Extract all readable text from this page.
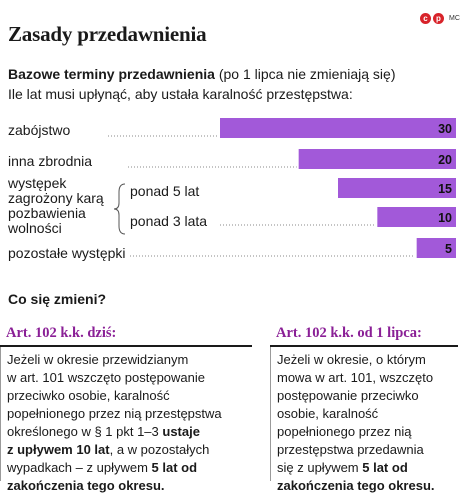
Zasady przedawnienia
c	p	MC
Bazowe terminy przedawnienia (po 1 lipca nie zmieniają się)
Ile lat musi upłynąć, aby ustała karalność przestępstwa:
zabójstwo
inna zbrodnia
występek
zagrożony karą
pozbawienia
wolności
ponad 5 lat
ponad 3 lata
pozostałe występki
30
20
15
10
5
Co się zmieni?
Art. 102 k.k. dziś:
Jeżeli w okresie przewidzianym
w art. 101 wszczęto postępowanie
przeciwko osobie, karalność
popełnionego przez nią przestępstwa
określonego w § 1 pkt 1–3 ustaje
z upływem 10 lat, a w pozostałych
wypadkach – z upływem 5 lat od
zakończenia tego okresu.
Art. 102 k.k. od 1 lipca:
Jeżeli w okresie, o którym
mowa w art. 101, wszczęto
postępowanie przeciwko
osobie, karalność
popełnionego przez nią
przestępstwa przedawnia
się z upływem 5 lat od
zakończenia tego okresu.
